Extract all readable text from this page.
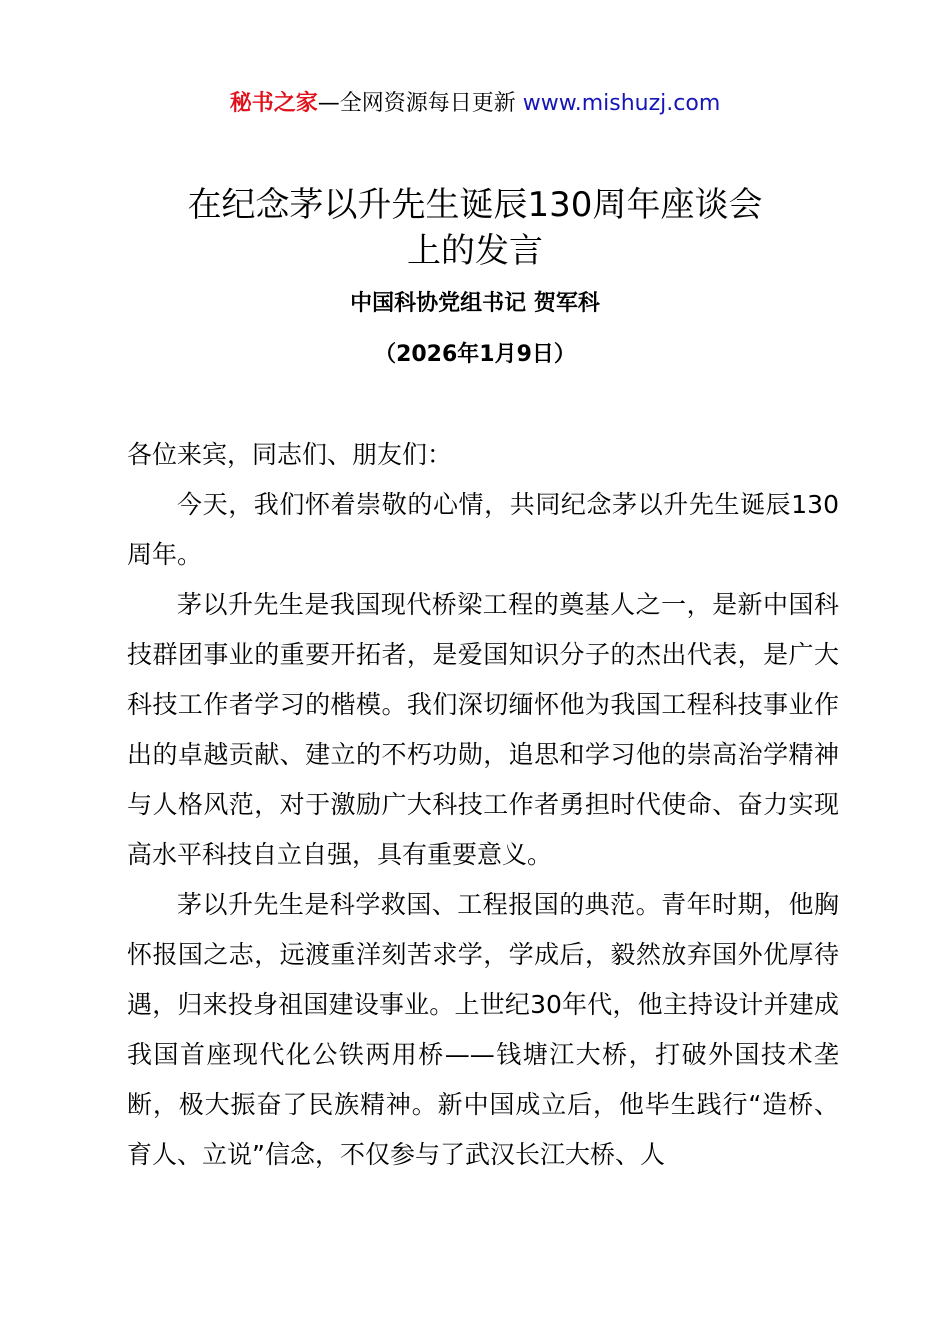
秘书之家—全网资源每日更新 www.mishuzj.com
在纪念茅以升先生诞辰130周年座谈会
上的发言
中国科协党组书记 贺军科
（2026年1月9日）

各位来宾，同志们、朋友们：

今天，我们怀着崇敬的心情，共同纪念茅以升先生诞辰130周年。

茅以升先生是我国现代桥梁工程的奠基人之一，是新中国科技群团事业的重要开拓者，是爱国知识分子的杰出代表，是广大科技工作者学习的楷模。我们深切缅怀他为我国工程科技事业作出的卓越贡献、建立的不朽功勋，追思和学习他的崇高治学精神与人格风范，对于激励广大科技工作者勇担时代使命、奋力实现高水平科技自立自强，具有重要意义。

茅以升先生是科学救国、工程报国的典范。青年时期，他胸怀报国之志，远渡重洋刻苦求学，学成后，毅然放弃国外优厚待遇，归来投身祖国建设事业。上世纪30年代，他主持设计并建成我国首座现代化公铁两用桥——钱塘江大桥，打破外国技术垄断，极大振奋了民族精神。新中国成立后，他毕生践行“造桥、育人、立说”信念，不仅参与了武汉长江大桥、人
